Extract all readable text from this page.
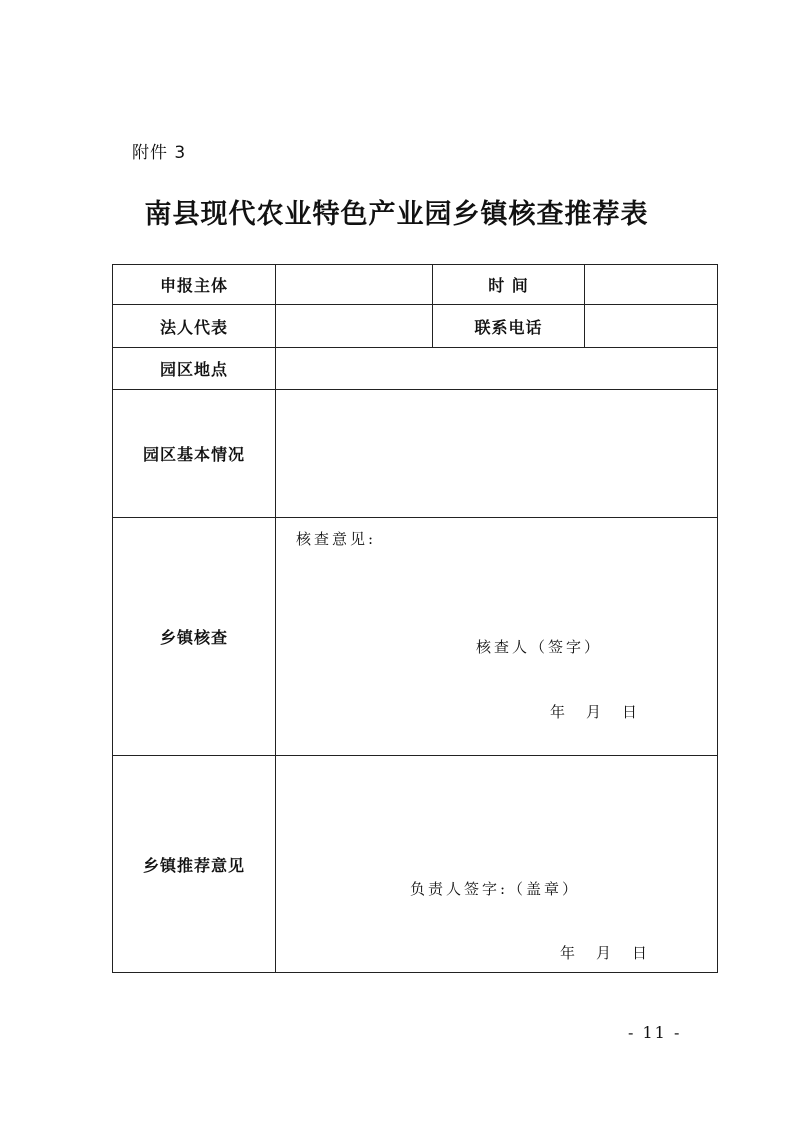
附件 3
南县现代农业特色产业园乡镇核查推荐表
申报主体		时 间	
法人代表		联系电话	
园区地点			
园区基本情况			
乡镇核查	核查意见:
核查人（签字）
年　月　日		

乡镇推荐意见	负责人签字:（盖章）
年　月　日		
- 11 -
